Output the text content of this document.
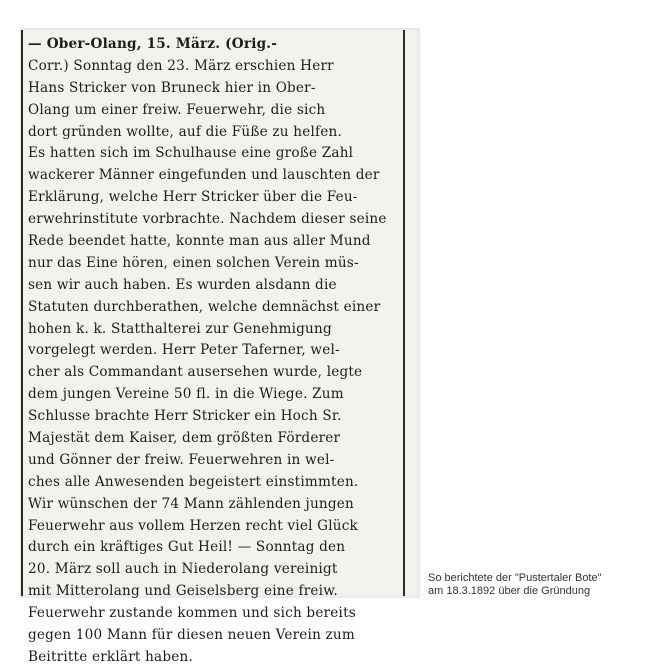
— Ober-Olang, 15. März. (Orig.-
Corr.) Sonntag den 23. März erschien Herr
Hans Stricker von Bruneck hier in Ober-
Olang um einer freiw. Feuerwehr, die sich
dort gründen wollte, auf die Füße zu helfen.
Es hatten sich im Schulhause eine große Zahl
wackerer Männer eingefunden und lauschten der
Erklärung, welche Herr Stricker über die Feu-
erwehrinstitute vorbrachte. Nachdem dieser seine
Rede beendet hatte, konnte man aus aller Mund
nur das Eine hören, einen solchen Verein müs-
sen wir auch haben. Es wurden alsdann die
Statuten durchberathen, welche demnächst einer
hohen k. k. Statthalterei zur Genehmigung
vorgelegt werden. Herr Peter Taferner, wel-
cher als Commandant ausersehen wurde, legte
dem jungen Vereine 50 fl. in die Wiege. Zum
Schlusse brachte Herr Stricker ein Hoch Sr.
Majestät dem Kaiser, dem größten Förderer
und Gönner der freiw. Feuerwehren in wel-
ches alle Anwesenden begeistert einstimmten.
Wir wünschen der 74 Mann zählenden jungen
Feuerwehr aus vollem Herzen recht viel Glück
durch ein kräftiges Gut Heil! — Sonntag den
20. März soll auch in Niederolang vereinigt
mit Mitterolang und Geiselsberg eine freiw.
Feuerwehr zustande kommen und sich bereits
gegen 100 Mann für diesen neuen Verein zum
Beitritte erklärt haben.
So berichtete der "Pustertaler Bote"
am 18.3.1892 über die Gründung
